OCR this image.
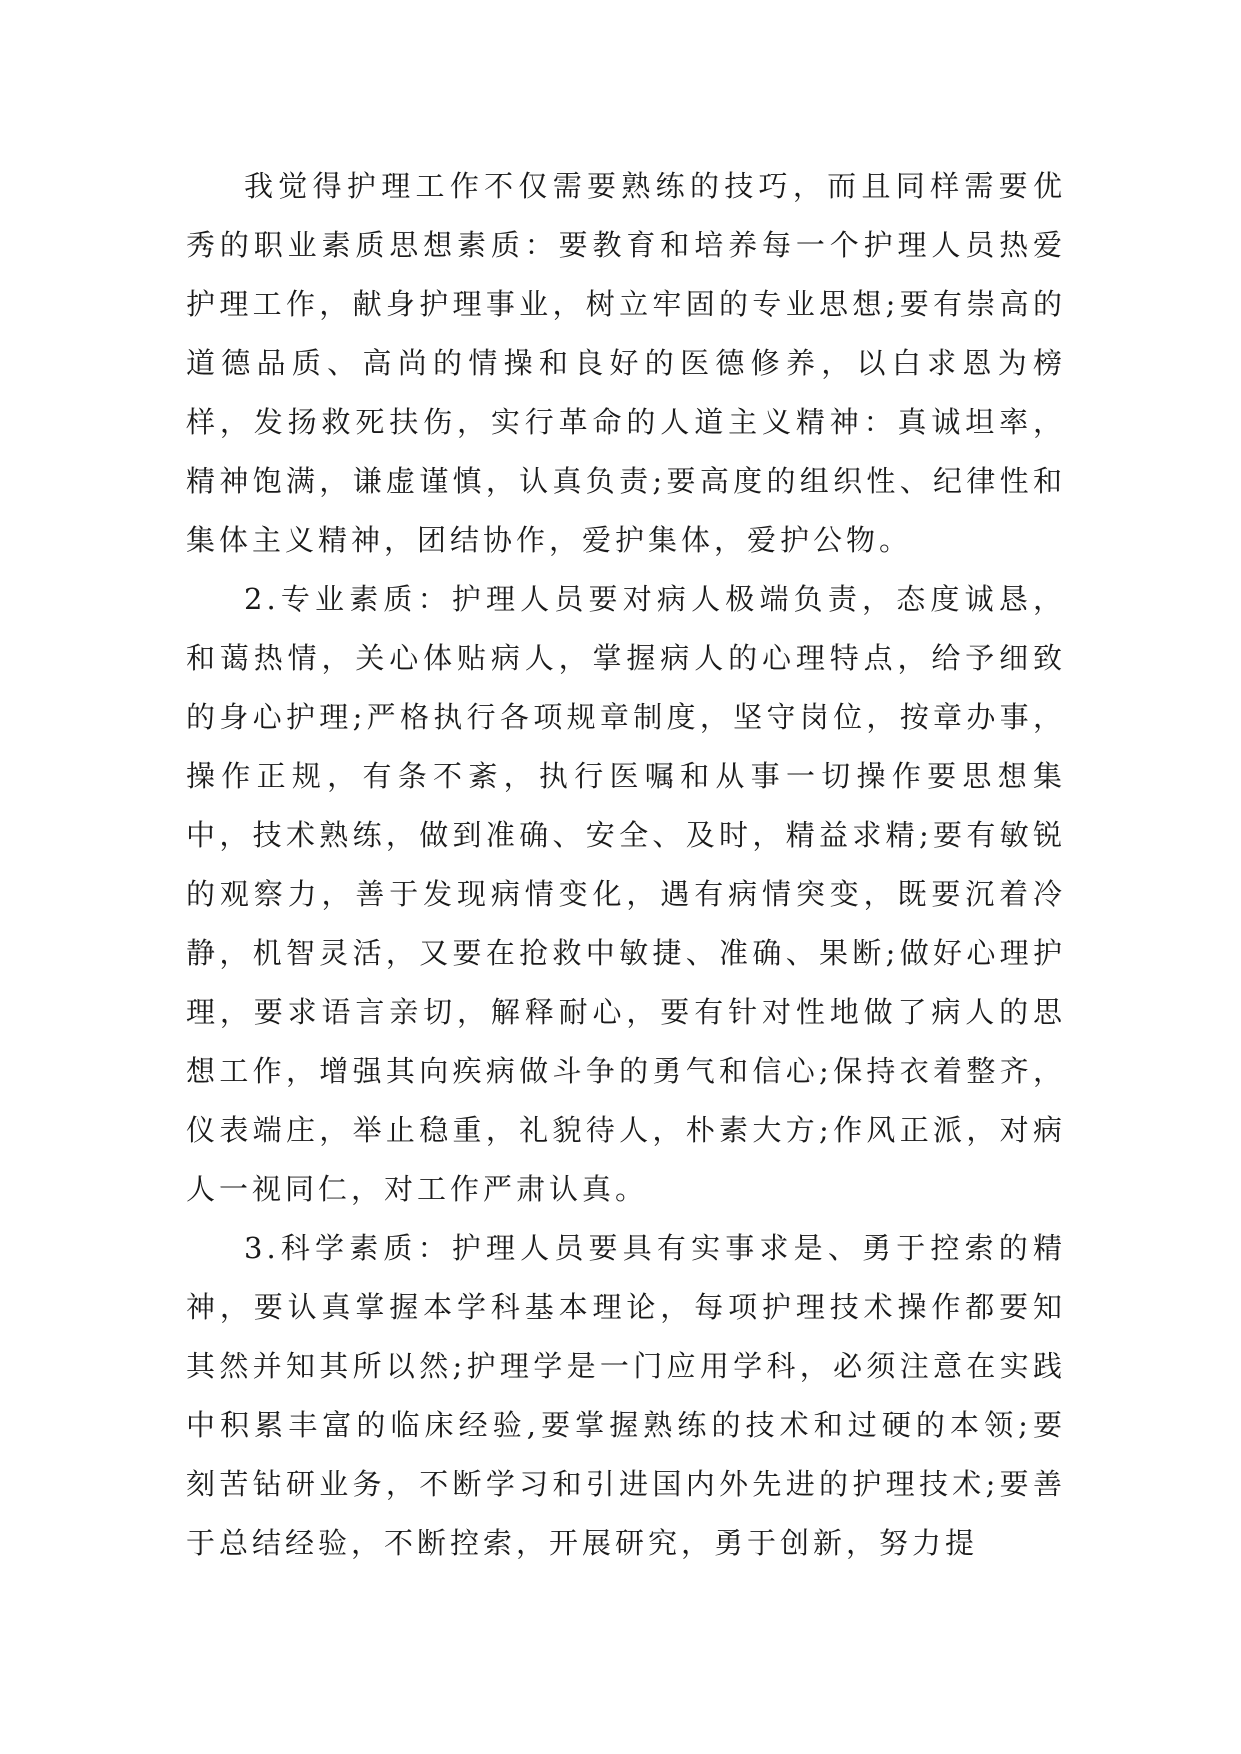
我觉得护理工作不仅需要熟练的技巧，而且同样需要优秀的职业素质思想素质：要教育和培养每一个护理人员热爱护理工作，献身护理事业，树立牢固的专业思想;要有崇高的道德品质、高尚的情操和良好的医德修养，以白求恩为榜样，发扬救死扶伤，实行革命的人道主义精神：真诚坦率，精神饱满，谦虚谨慎，认真负责;要高度的组织性、纪律性和集体主义精神，团结协作，爱护集体，爱护公物。

2.专业素质：护理人员要对病人极端负责，态度诚恳，和蔼热情，关心体贴病人，掌握病人的心理特点，给予细致的身心护理;严格执行各项规章制度，坚守岗位，按章办事，操作正规，有条不紊，执行医嘱和从事一切操作要思想集中，技术熟练，做到准确、安全、及时，精益求精;要有敏锐的观察力，善于发现病情变化，遇有病情突变，既要沉着冷静，机智灵活，又要在抢救中敏捷、准确、果断;做好心理护理，要求语言亲切，解释耐心，要有针对性地做了病人的思想工作，增强其向疾病做斗争的勇气和信心;保持衣着整齐，仪表端庄，举止稳重，礼貌待人，朴素大方;作风正派，对病人一视同仁，对工作严肃认真。

3.科学素质：护理人员要具有实事求是、勇于控索的精神，要认真掌握本学科基本理论，每项护理技术操作都要知其然并知其所以然;护理学是一门应用学科，必须注意在实践中积累丰富的临床经验,要掌握熟练的技术和过硬的本领;要刻苦钻研业务，不断学习和引进国内外先进的护理技术;要善于总结经验，不断控索，开展研究，勇于创新，努力提
